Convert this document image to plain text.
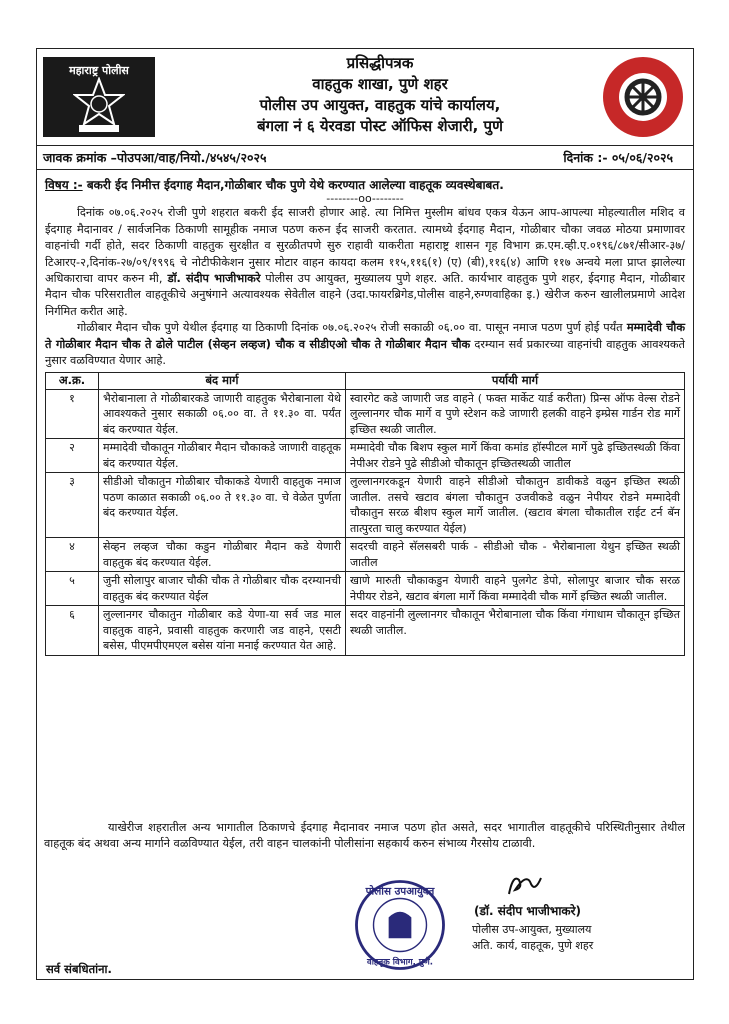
महाराष्ट्र पोलीस	प्रसिद्धीपत्रक
वाहतुक शाखा, पुणे शहर
पोलीस उप आयुक्त, वाहतुक यांचे कार्यालय,
बंगला नं ६ येरवडा पोस्ट ऑफिस शेजारी, पुणे
जावक क्रमांक –पोउपआ/वाह/नियो./४५४५/२०२५	दिनांक :- ०५/०६/२०२५
विषय :- बकरी ईद निमीत्त ईदगाह मैदान,गोळीबार चौक पुणे येथे करण्यात आलेल्या वाहतूक व्यवस्थेबाबत.
--------oo--------

दिनांक ०७.०६.२०२५ रोजी पुणे शहरात बकरी ईद साजरी होणार आहे. त्या निमित्त मुस्लीम बांधव एकत्र येऊन आप-आपल्या मोहल्यातील मशिद व ईदगाह मैदानावर / सार्वजनिक ठिकाणी सामूहीक नमाज पठण करुन ईद साजरी करतात. त्यामध्ये ईदगाह मैदान, गोळीबार चौका जवळ मोठया प्रमाणावर वाहनांची गर्दी होते, सदर ठिकाणी वाहतुक सुरक्षीत व सुरळीतपणे सुरु राहावी याकरीता महाराष्ट्र शासन गृह विभाग क्र.एम.व्ही.ए.०१९६/८७१/सीआर-३७/टिआरए-२,दिनांक-२७/०९/१९९६ चे नोटीफीकेशन नुसार मोटार वाहन कायदा कलम ११५,११६(१) (ए) (बी),११६(४) आणि ११७ अन्वये मला प्राप्त झालेल्या अधिकाराचा वापर करुन मी, डॉ. संदीप भाजीभाकरे पोलीस उप आयुक्त, मुख्यालय पुणे शहर. अति. कार्यभार वाहतुक पुणे शहर, ईदगाह मैदान, गोळीबार मैदान चौक परिसरातील वाहतूकीचे अनुषंगाने अत्यावश्यक सेवेतील वाहने (उदा.फायरब्रिगेड,पोलीस वाहने,रुग्णवाहिका इ.) खेरीज करुन खालीलप्रमाणे आदेश निर्गमित करीत आहे.

गोळीबार मैदान चौक पुणे येथील ईदगाह या ठिकाणी दिनांक ०७.०६.२०२५ रोजी सकाळी ०६.०० वा. पासून नमाज पठण पुर्ण होई पर्यंत मम्मादेवी चौक ते गोळीबार मैदान चौक ते ढोले पाटील (सेव्हन लव्हज) चौक व सीडीएओ चौक ते गोळीबार मैदान चौक दरम्यान सर्व प्रकारच्या वाहनांची वाहतुक आवश्यकते नुसार वळविण्यात येणार आहे.

अ.क्र.	बंद मार्ग	पर्यायी मार्ग
१	भैरोबानाला ते गोळीबारकडे जाणारी वाहतुक भैरोबानाला येथे आवश्यकते नुसार सकाळी ०६.०० वा. ते ११.३० वा. पर्यंत बंद करण्यात येईल.	स्वारगेट कडे जाणारी जड वाहने ( फक्त मार्केट यार्ड करीता) प्रिन्स ऑफ वेल्स रोडने लुल्लानगर चौक मार्गे व पुणे स्टेशन कडे जाणारी हलकी वाहने इम्प्रेस गार्डन रोड मार्गे इच्छित स्थळी जातील.
२	मम्मादेवी चौकातून गोळीबार मैदान चौकाकडे जाणारी वाहतूक बंद करण्यात येईल.	मम्मादेवी चौक बिशप स्कुल मार्गे किंवा कमांड हॉस्पीटल मार्गे पुढे इच्छितस्थळी किंवा नेपीअर रोडने पुढे सीडीओ चौकातून इच्छितस्थळी जातील
३	सीडीओ चौकातुन गोळीबार चौकाकडे येणारी वाहतुक नमाज पठण काळात सकाळी ०६.०० ते ११.३० वा. चे वेळेत पुर्णता बंद करण्यात येईल.	लुल्लानगरकडून येणारी वाहने सीडीओ चौकातुन डावीकडे वळुन इच्छित स्थळी जातील. तसचे खटाव बंगला चौकातुन उजवीकडे वळुन नेपीयर रोडने मम्मादेवी चौकातुन सरळ बीशप स्कुल मार्गे जातील. (खटाव बंगला चौकातील राईट टर्न बॅन तात्पुरता चालु करण्यात येईल)
४	सेव्हन लव्हज चौका कडुन गोळीबार मैदान कडे येणारी वाहतुक बंद करण्यात येईल.	सदरची वाहने सॅलसबरी पार्क - सीडीओ चौक - भैरोबानाला येथुन इच्छित स्थळी जातील
५	जुनी सोलापुर बाजार चौकी चौक ते गोळीबार चौक दरम्यानची वाहतुक बंद करण्यात येईल	खाणे मारुती चौकाकडुन येणारी वाहने पुलगेट डेपो, सोलापुर बाजार चौक सरळ नेपीयर रोडने, खटाव बंगला मार्गे किंवा मम्मादेवी चौक मार्गे इच्छित स्थळी जातील.
६	लुल्लानगर चौकातुन गोळीबार कडे येणा-या सर्व जड माल वाहतुक वाहने, प्रवासी वाहतुक करणारी जड वाहने, एसटी बसेस, पीएमपीएमएल बसेस यांना मनाई करण्यात येत आहे.	सदर वाहनांनी लुल्लानगर चौकातून भैरोबानाला चौक किंवा गंगाधाम चौकातून इच्छित स्थळी जातील.
याखेरीज शहरातील अन्य भागातील ठिकाणचे ईदगाह मैदानावर नमाज पठण होत असते, सदर भागातील वाहतूकीचे परिस्थितीनुसार तेथील वाहतूक बंद अथवा अन्य मार्गाने वळविण्यात येईल, तरी वाहन चालकांनी पोलीसांना सहकार्य करुन संभाव्य गैरसोय टाळावी.
पोलीस उपआयुक्त
वाहतूक विभाग, पुणे.
(डॉ. संदीप भाजीभाकरे)
पोलीस उप-आयुक्त, मुख्यालय
अति. कार्य, वाहतूक, पुणे शहर
सर्व संबधितांना.
